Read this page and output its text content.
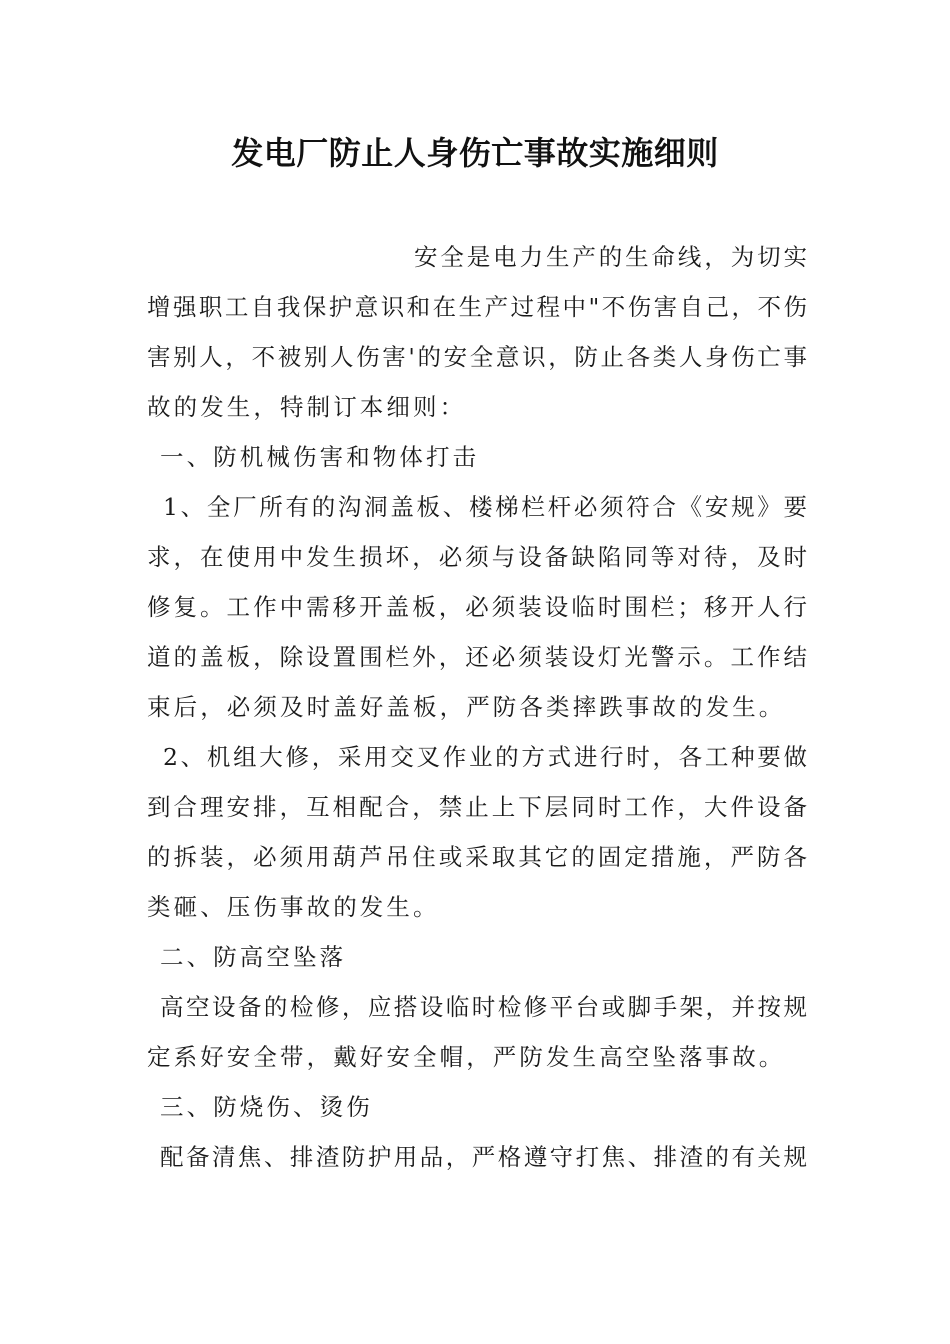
发电厂防止人身伤亡事故实施细则
安全是电力生产的生命线，为切实
增强职工自我保护意识和在生产过程中"不伤害自己，不伤
害别人，不被别人伤害'的安全意识，防止各类人身伤亡事
故的发生，特制订本细则：
一、防机械伤害和物体打击
1、全厂所有的沟洞盖板、楼梯栏杆必须符合《安规》要
求，在使用中发生损坏，必须与设备缺陷同等对待，及时
修复。工作中需移开盖板，必须装设临时围栏；移开人行
道的盖板，除设置围栏外，还必须装设灯光警示。工作结
束后，必须及时盖好盖板，严防各类摔跌事故的发生。
2、机组大修，采用交叉作业的方式进行时，各工种要做
到合理安排，互相配合，禁止上下层同时工作，大件设备
的拆装，必须用葫芦吊住或采取其它的固定措施，严防各
类砸、压伤事故的发生。
二、防高空坠落
高空设备的检修，应搭设临时检修平台或脚手架，并按规
定系好安全带，戴好安全帽，严防发生高空坠落事故。
三、防烧伤、烫伤
配备清焦、排渣防护用品，严格遵守打焦、排渣的有关规
